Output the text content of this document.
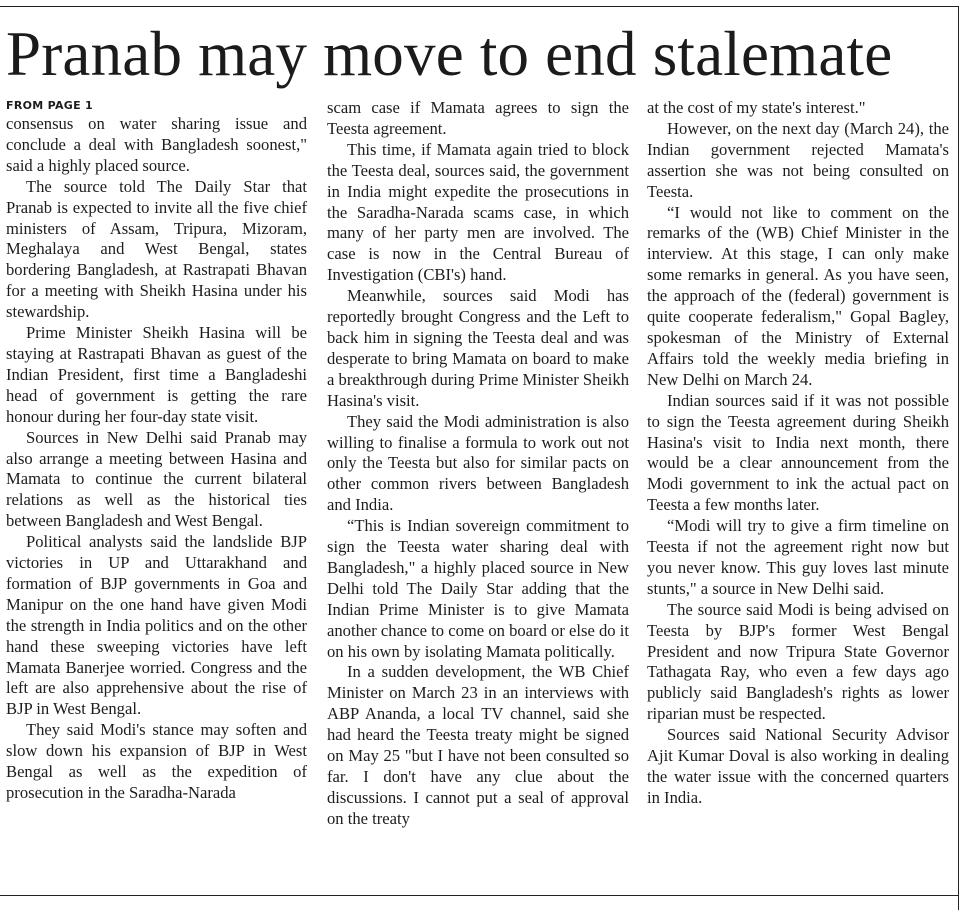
Pranab may move to end stalemate
FROM PAGE 1

consensus on water sharing issue and conclude a deal with Bangladesh soonest," said a highly placed source.

The source told The Daily Star that Pranab is expected to invite all the five chief ministers of Assam, Tripura, Mizoram, Meghalaya and West Bengal, states bordering Bangladesh, at Rastrapati Bhavan for a meeting with Sheikh Hasina under his stewardship.

Prime Minister Sheikh Hasina will be staying at Rastrapati Bhavan as guest of the Indian President, first time a Bangladeshi head of government is getting the rare honour during her four-day state visit.

Sources in New Delhi said Pranab may also arrange a meeting between Hasina and Mamata to continue the current bilateral relations as well as the historical ties between Bangladesh and West Bengal.

Political analysts said the landslide BJP victories in UP and Uttarakhand and formation of BJP governments in Goa and Manipur on the one hand have given Modi the strength in India politics and on the other hand these sweeping victories have left Mamata Banerjee worried. Congress and the left are also apprehensive about the rise of BJP in West Bengal.

They said Modi's stance may soften and slow down his expansion of BJP in West Bengal as well as the expedition of prosecution in the Saradha-Narada

scam case if Mamata agrees to sign the Teesta agreement.

This time, if Mamata again tried to block the Teesta deal, sources said, the government in India might expedite the prosecutions in the Saradha-Narada scams case, in which many of her party men are involved. The case is now in the Central Bureau of Investigation (CBI's) hand.

Meanwhile, sources said Modi has reportedly brought Congress and the Left to back him in signing the Teesta deal and was desperate to bring Mamata on board to make a breakthrough during Prime Minister Sheikh Hasina's visit.

They said the Modi administration is also willing to finalise a formula to work out not only the Teesta but also for similar pacts on other common rivers between Bangladesh and India.

“This is Indian sovereign commitment to sign the Teesta water sharing deal with Bangladesh," a highly placed source in New Delhi told The Daily Star adding that the Indian Prime Minister is to give Mamata another chance to come on board or else do it on his own by isolating Mamata politically.

In a sudden development, the WB Chief Minister on March 23 in an interviews with ABP Ananda, a local TV channel, said she had heard the Teesta treaty might be signed on May 25 "but I have not been consulted so far. I don't have any clue about the discussions. I cannot put a seal of approval on the treaty

at the cost of my state's interest."

However, on the next day (March 24), the Indian government rejected Mamata's assertion she was not being consulted on Teesta.

“I would not like to comment on the remarks of the (WB) Chief Minister in the interview. At this stage, I can only make some remarks in general. As you have seen, the approach of the (federal) government is quite cooperate federalism," Gopal Bagley, spokesman of the Ministry of External Affairs told the weekly media briefing in New Delhi on March 24.

Indian sources said if it was not possible to sign the Teesta agreement during Sheikh Hasina's visit to India next month, there would be a clear announcement from the Modi government to ink the actual pact on Teesta a few months later.

“Modi will try to give a firm timeline on Teesta if not the agreement right now but you never know. This guy loves last minute stunts," a source in New Delhi said.

The source said Modi is being advised on Teesta by BJP's former West Bengal President and now Tripura State Governor Tathagata Ray, who even a few days ago publicly said Bangladesh's rights as lower riparian must be respected.

Sources said National Security Advisor Ajit Kumar Doval is also working in dealing the water issue with the concerned quarters in India.
